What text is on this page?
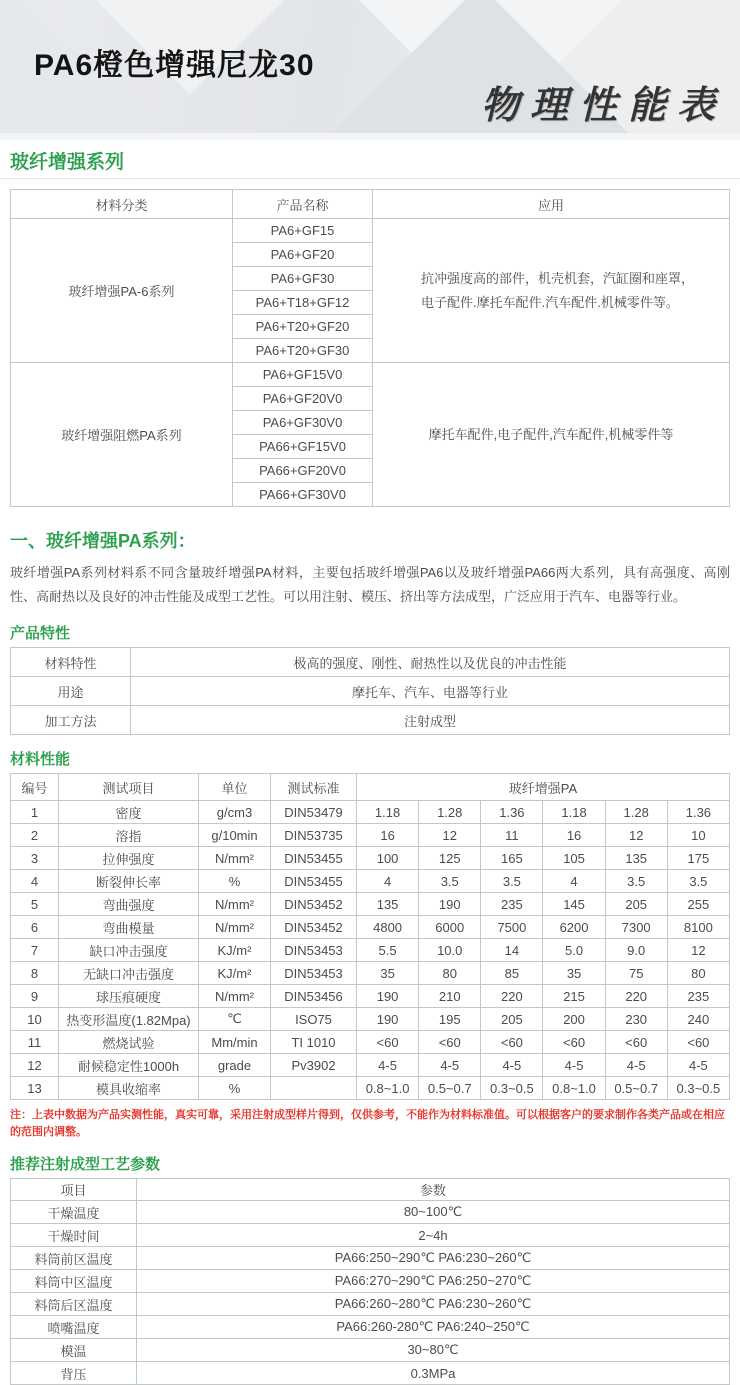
PA6橙色增强尼龙30
物理性能表
玻纤增强系列
材料分类	产品名称	应用
玻纤增强PA-6系列	PA6+GF15	抗冲强度高的部件，机壳机套，汽缸圈和座罩，电子配件.摩托车配件.汽车配件.机械零件等。
	PA6+GF20	
	PA6+GF30	
	PA6+T18+GF12	
	PA6+T20+GF20	
	PA6+T20+GF30	
玻纤增强阻燃PA系列	PA6+GF15V0	摩托车配件,电子配件,汽车配件,机械零件等
	PA6+GF20V0	
	PA6+GF30V0	
	PA66+GF15V0	
	PA66+GF20V0	
	PA66+GF30V0	
一、玻纤增强PA系列：

玻纤增强PA系列材料系不同含量玻纤增强PA材料，主要包括玻纤增强PA6以及玻纤增强PA66两大系列，具有高强度、高刚性、高耐热以及良好的冲击性能及成型工艺性。可以用注射、模压、挤出等方法成型，广泛应用于汽车、电器等行业。

产品特性
材料特性	极高的强度、刚性、耐热性以及优良的冲击性能
用途	摩托车、汽车、电器等行业
加工方法	注射成型
材料性能
编号	测试项目	单位	测试标准	玻纤增强PA					
1	密度	g/cm3	DIN53479	1.18	1.28	1.36	1.18	1.28	1.36
2	溶指	g/10min	DIN53735	16	12	11	16	12	10
3	拉伸强度	N/mm²	DIN53455	100	125	165	105	135	175
4	断裂伸长率	%	DIN53455	4	3.5	3.5	4	3.5	3.5
5	弯曲强度	N/mm²	DIN53452	135	190	235	145	205	255
6	弯曲模量	N/mm²	DIN53452	4800	6000	7500	6200	7300	8100
7	缺口冲击强度	KJ/m²	DIN53453	5.5	10.0	14	5.0	9.0	12
8	无缺口冲击强度	KJ/m²	DIN53453	35	80	85	35	75	80
9	球压痕硬度	N/mm²	DIN53456	190	210	220	215	220	235
10	热变形温度(1.82Mpa)	℃	ISO75	190	195	205	200	230	240
11	燃烧试验	Mm/min	TI 1010	<60	<60	<60	<60	<60	<60
12	耐候稳定性1000h	grade	Pv3902	4-5	4-5	4-5	4-5	4-5	4-5
13	模具收缩率	%		0.8~1.0	0.5~0.7	0.3~0.5	0.8~1.0	0.5~0.7	0.3~0.5

注：上表中数据为产品实测性能，真实可靠，采用注射成型样片得到，仅供参考，不能作为材料标准值。可以根据客户的要求制作各类产品或在相应的范围内调整。

推荐注射成型工艺参数
项目	参数
干燥温度	80~100℃
干燥时间	2~4h
料筒前区温度	PA66:250~290℃ PA6:230~260℃
料筒中区温度	PA66:270~290℃ PA6:250~270℃
料筒后区温度	PA66:260~280℃ PA6:230~260℃
喷嘴温度	PA66:260-280℃ PA6:240~250℃
模温	30~80℃
背压	0.3MPa
